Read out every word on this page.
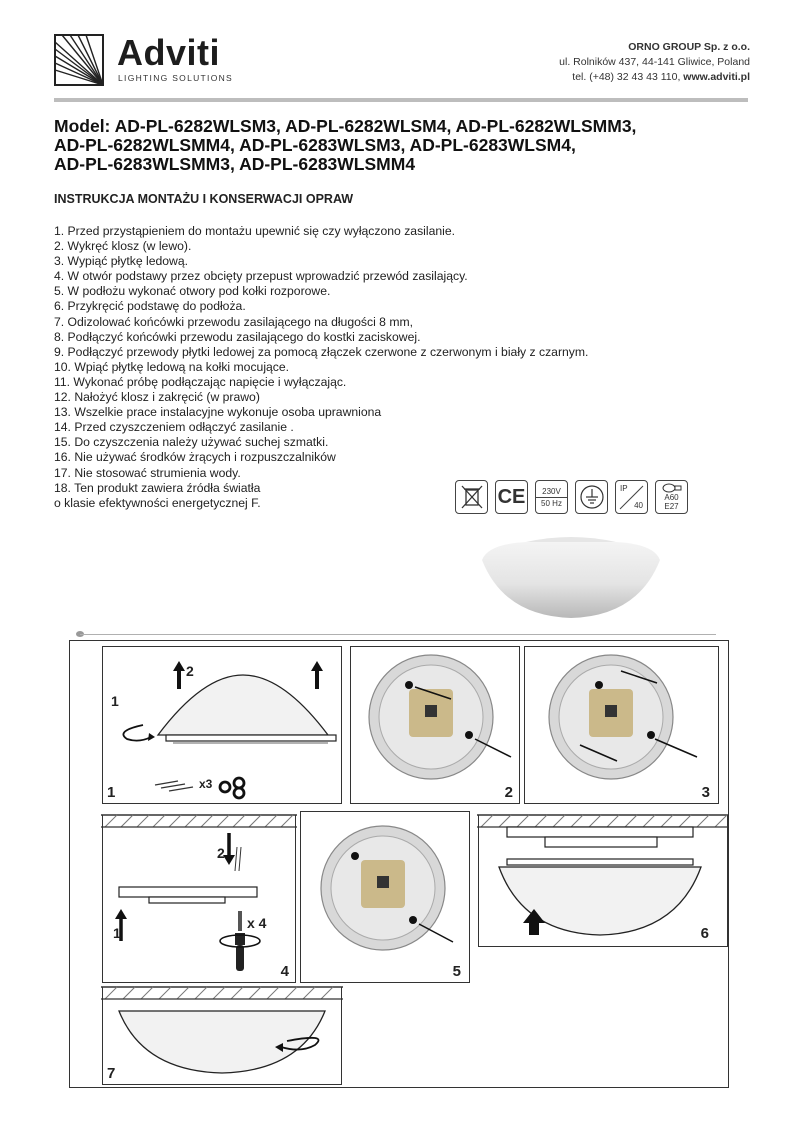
Adviti
LIGHTING SOLUTIONS
ORNO GROUP Sp. z o.o.
ul. Rolników 437, 44-141 Gliwice, Poland
tel. (+48) 32 43 43 110, www.adviti.pl
Model: AD-PL-6282WLSM3, AD-PL-6282WLSM4, AD-PL-6282WLSMM3,
AD-PL-6282WLSMM4, AD-PL-6283WLSM3, AD-PL-6283WLSM4,
AD-PL-6283WLSMM3, AD-PL-6283WLSMM4
INSTRUKCJA MONTAŻU I KONSERWACJI OPRAW
1. Przed przystąpieniem do montażu upewnić się czy wyłączono zasilanie.
2. Wykręć klosz (w lewo).
3. Wypiąć płytkę ledową.
4. W otwór podstawy przez obcięty przepust wprowadzić przewód zasilający.
5. W podłożu wykonać otwory pod kołki rozporowe.
6. Przykręcić podstawę do podłoża.
7. Odizolować końcówki przewodu zasilającego na długości 8 mm,
8. Podłączyć końcówki przewodu zasilającego do kostki zaciskowej.
9. Podłączyć przewody płytki ledowej za pomocą złączek czerwone z czerwonym i biały z czarnym.
10. Wpiąć płytkę ledową na kołki mocujące.
11. Wykonać próbę podłączając napięcie i wyłączając.
12. Nałożyć klosz i zakręcić (w prawo)
13. Wszelkie prace instalacyjne wykonuje osoba uprawniona
14. Przed czyszczeniem odłączyć zasilanie .
15. Do czyszczenia należy używać suchej szmatki.
16. Nie używać środków żrących i rozpuszczalników
17. Nie stosować strumienia wody.
18. Ten produkt zawiera źródła światła
o klasie efektywności energetycznej F.	CE	230V
50 Hz
IP
40
A60
E27
2
1
x3
1	2	3
2
1
x 4
4	5
6
7
